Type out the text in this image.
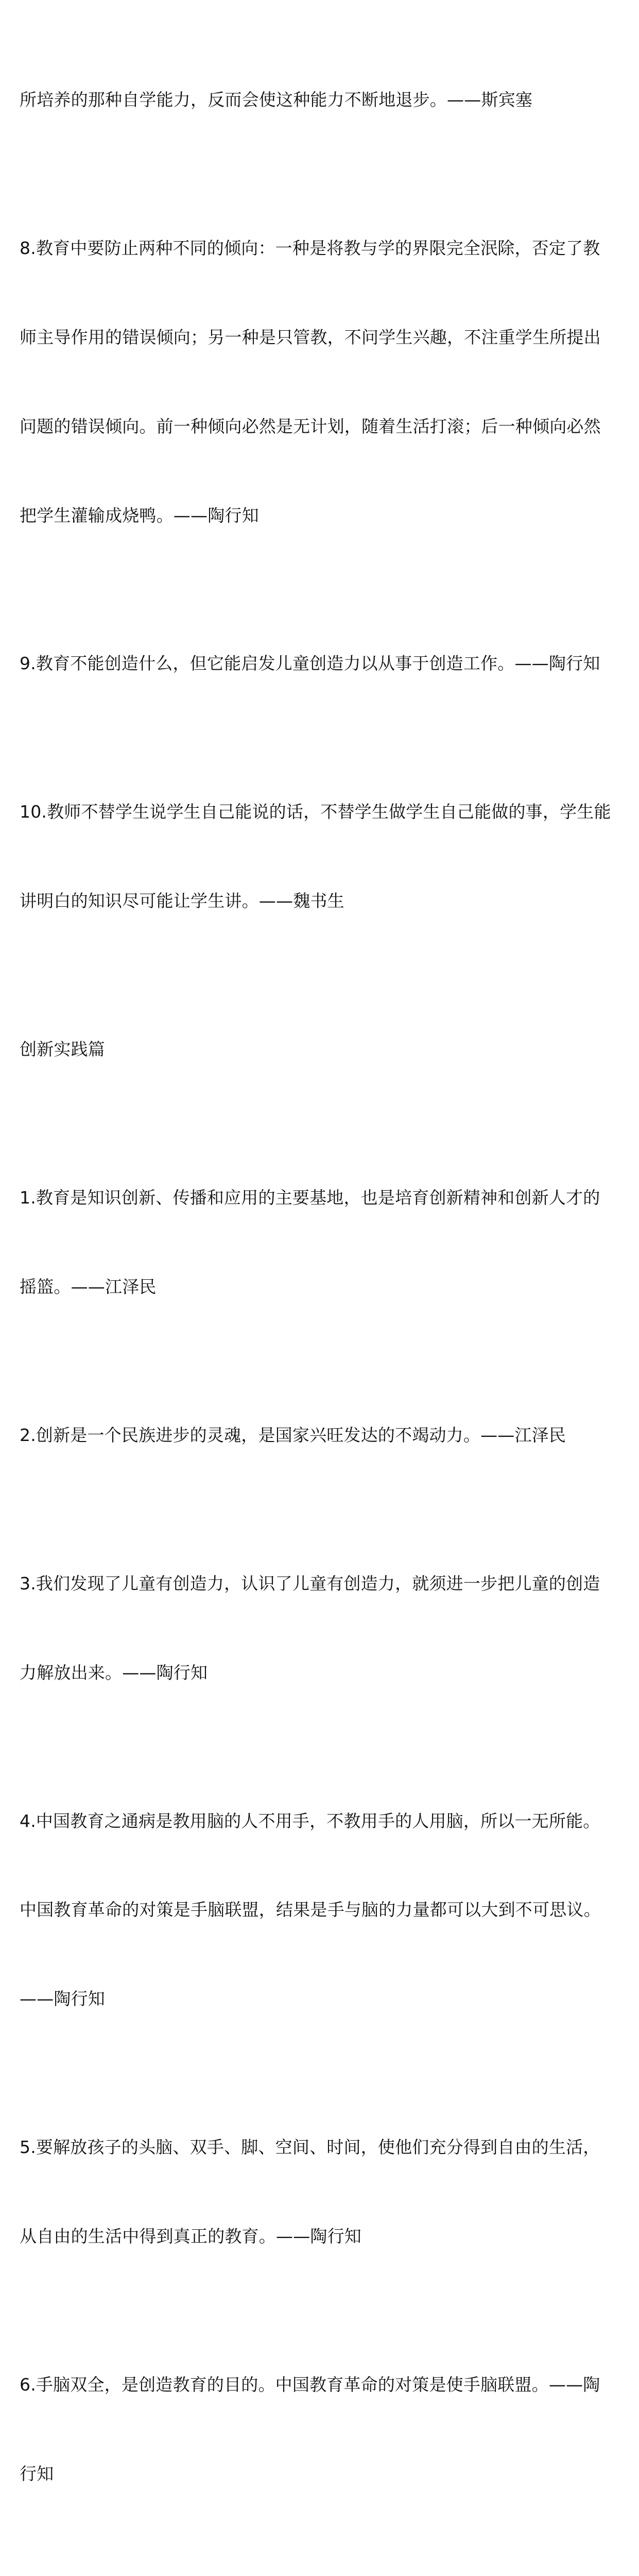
所培养的那种自学能力，反而会使这种能力不断地退步。——斯宾塞

8.教育中要防止两种不同的倾向：一种是将教与学的界限完全泯除，否定了教

师主导作用的错误倾向；另一种是只管教，不问学生兴趣，不注重学生所提出

问题的错误倾向。前一种倾向必然是无计划，随着生活打滚；后一种倾向必然

把学生灌输成烧鸭。——陶行知

9.教育不能创造什么，但它能启发儿童创造力以从事于创造工作。——陶行知

10.教师不替学生说学生自己能说的话，不替学生做学生自己能做的事，学生能

讲明白的知识尽可能让学生讲。——魏书生

创新实践篇

1.教育是知识创新、传播和应用的主要基地，也是培育创新精神和创新人才的

摇篮。——江泽民

2.创新是一个民族进步的灵魂，是国家兴旺发达的不竭动力。——江泽民

3.我们发现了儿童有创造力，认识了儿童有创造力，就须进一步把儿童的创造

力解放出来。——陶行知

4.中国教育之通病是教用脑的人不用手，不教用手的人用脑，所以一无所能。

中国教育革命的对策是手脑联盟，结果是手与脑的力量都可以大到不可思议。

——陶行知

5.要解放孩子的头脑、双手、脚、空间、时间，使他们充分得到自由的生活，

从自由的生活中得到真正的教育。——陶行知

6.手脑双全，是创造教育的目的。中国教育革命的对策是使手脑联盟。——陶

行知
